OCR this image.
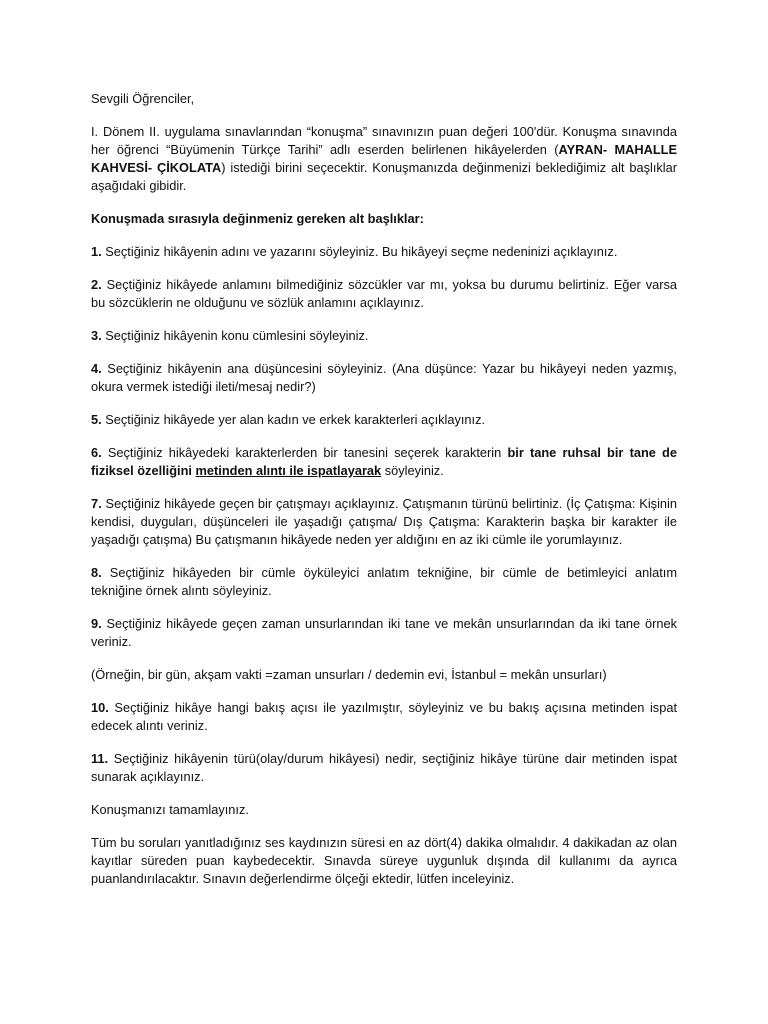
Sevgili Öğrenciler,

I. Dönem II. uygulama sınavlarından “konuşma” sınavınızın puan değeri 100'dür. Konuşma sınavında her öğrenci “Büyümenin Türkçe Tarihi” adlı eserden belirlenen hikâyelerden (AYRAN- MAHALLE KAHVESİ- ÇİKOLATA) istediği birini seçecektir. Konuşmanızda değinmenizi beklediğimiz alt başlıklar aşağıdaki gibidir.

Konuşmada sırasıyla değinmeniz gereken alt başlıklar:

1. Seçtiğiniz hikâyenin adını ve yazarını söyleyiniz. Bu hikâyeyi seçme nedeninizi açıklayınız.

2. Seçtiğiniz hikâyede anlamını bilmediğiniz sözcükler var mı, yoksa bu durumu belirtiniz. Eğer varsa bu sözcüklerin ne olduğunu ve sözlük anlamını açıklayınız.

3. Seçtiğiniz hikâyenin konu cümlesini söyleyiniz.

4. Seçtiğiniz hikâyenin ana düşüncesini söyleyiniz. (Ana düşünce: Yazar bu hikâyeyi neden yazmış, okura vermek istediği ileti/mesaj nedir?)

5. Seçtiğiniz hikâyede yer alan kadın ve erkek karakterleri açıklayınız.

6. Seçtiğiniz hikâyedeki karakterlerden bir tanesini seçerek karakterin bir tane ruhsal bir tane de fiziksel özelliğini metinden alıntı ile ispatlayarak söyleyiniz.

7. Seçtiğiniz hikâyede geçen bir çatışmayı açıklayınız. Çatışmanın türünü belirtiniz. (İç Çatışma: Kişinin kendisi, duyguları, düşünceleri ile yaşadığı çatışma/ Dış Çatışma: Karakterin başka bir karakter ile yaşadığı çatışma) Bu çatışmanın hikâyede neden yer aldığını en az iki cümle ile yorumlayınız.

8. Seçtiğiniz hikâyeden bir cümle öyküleyici anlatım tekniğine, bir cümle de betimleyici anlatım tekniğine örnek alıntı söyleyiniz.

9. Seçtiğiniz hikâyede geçen zaman unsurlarından iki tane ve mekân unsurlarından da iki tane örnek veriniz.

(Örneğin, bir gün, akşam vakti =zaman unsurları / dedemin evi, İstanbul = mekân unsurları)

10. Seçtiğiniz hikâye hangi bakış açısı ile yazılmıştır, söyleyiniz ve bu bakış açısına metinden ispat edecek alıntı veriniz.

11. Seçtiğiniz hikâyenin türü(olay/durum hikâyesi) nedir, seçtiğiniz hikâye türüne dair metinden ispat sunarak açıklayınız.

Konuşmanızı tamamlayınız.

Tüm bu soruları yanıtladığınız ses kaydınızın süresi en az dört(4) dakika olmalıdır. 4 dakikadan az olan kayıtlar süreden puan kaybedecektir. Sınavda süreye uygunluk dışında dil kullanımı da ayrıca puanlandırılacaktır. Sınavın değerlendirme ölçeği ektedir, lütfen inceleyiniz.
